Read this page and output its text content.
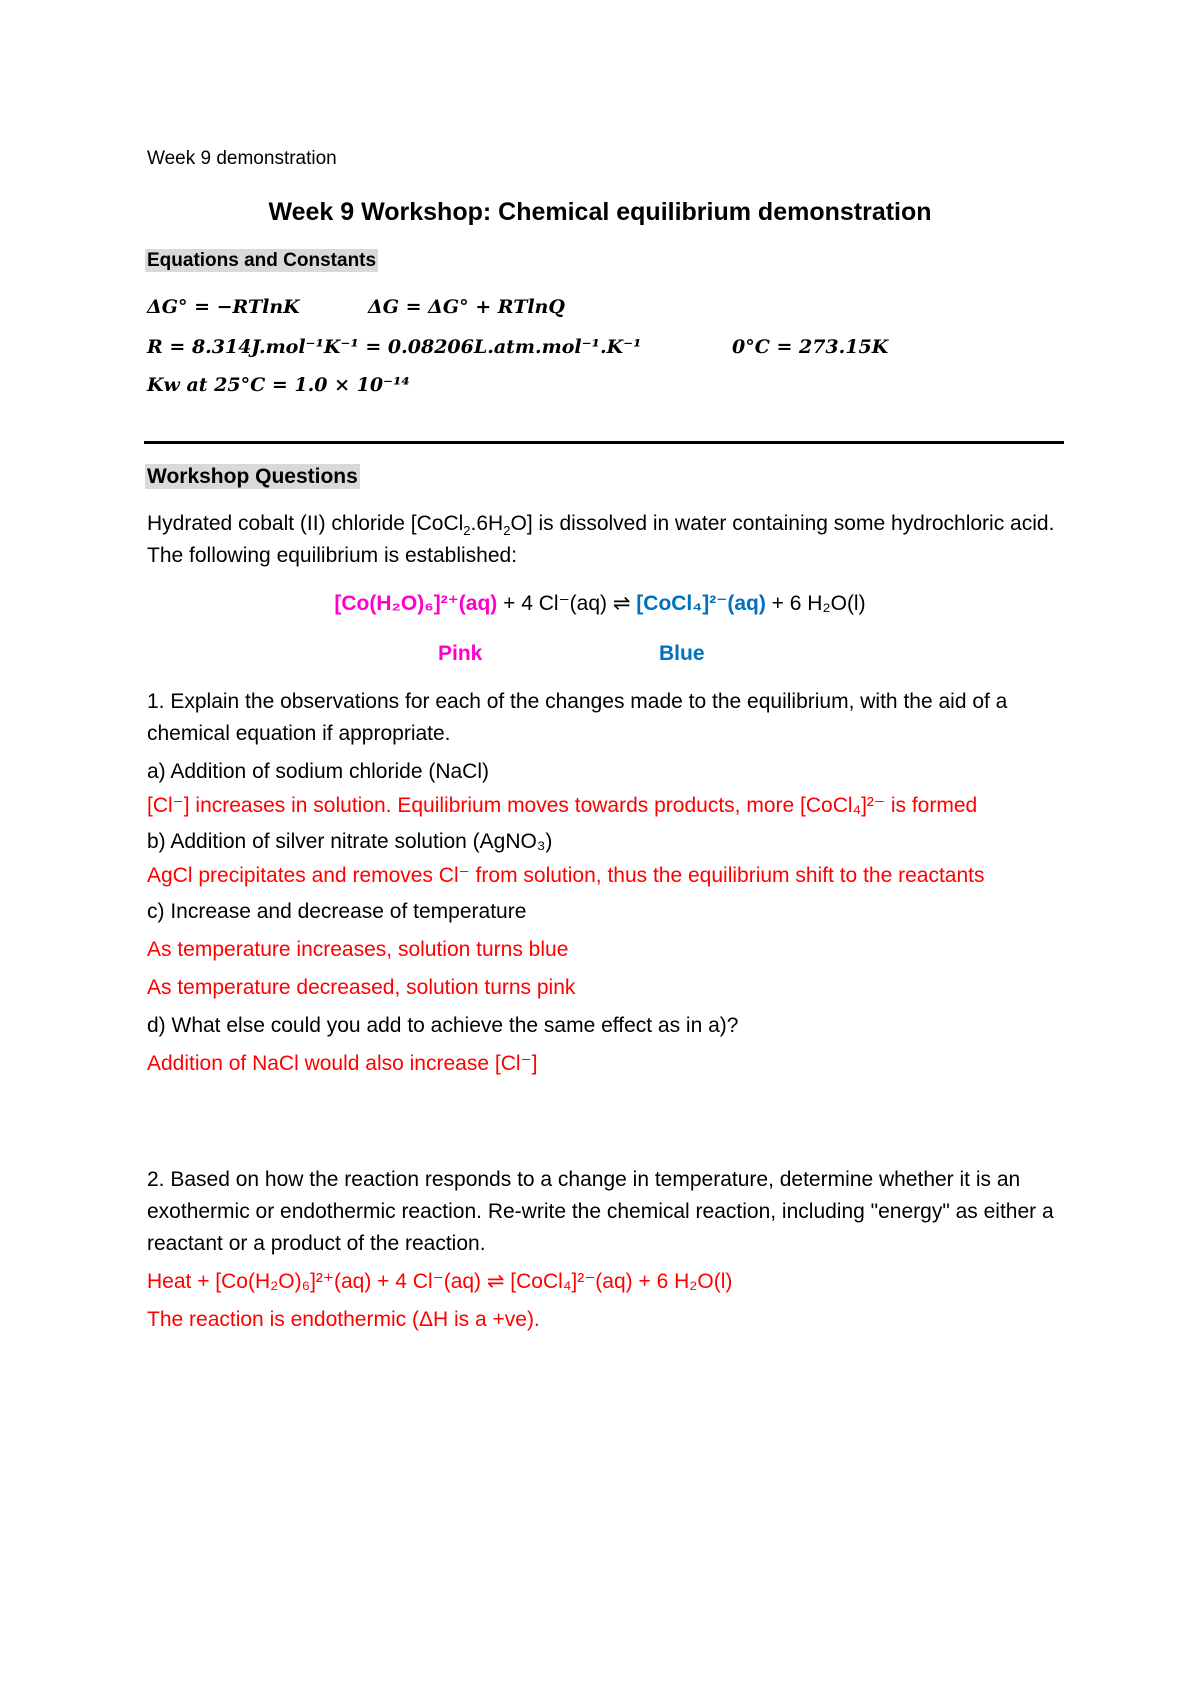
Week 9 demonstration
Week 9 Workshop: Chemical equilibrium demonstration
Equations and Constants
ΔG° = −RTlnK	ΔG = ΔG° + RTlnQ
R = 8.314J.mol⁻¹K⁻¹ = 0.08206L.atm.mol⁻¹.K⁻¹	0°C = 273.15K
Kw at 25°C = 1.0 × 10⁻¹⁴
Workshop Questions
Hydrated cobalt (II) chloride $[CoCl_2.6H_2O]$ is dissolved in water containing some hydrochloric acid. The following equilibrium is established:
[Co(H₂O)₆]²⁺(aq) + 4 Cl⁻(aq) ⇌ [CoCl₄]²⁻(aq) + 6 H₂O(l)
Pink	Blue
1. Explain the observations for each of the changes made to the equilibrium, with the aid of a chemical equation if appropriate.
a) Addition of sodium chloride (NaCl)
[Cl⁻] increases in solution. Equilibrium moves towards products, more [CoCl₄]²⁻ is formed
b) Addition of silver nitrate solution (AgNO₃)
AgCl precipitates and removes Cl⁻ from solution, thus the equilibrium shift to the reactants
c) Increase and decrease of temperature
As temperature increases, solution turns blue
As temperature decreased, solution turns pink
d) What else could you add to achieve the same effect as in a)?
Addition of NaCl would also increase [Cl⁻]
2. Based on how the reaction responds to a change in temperature, determine whether it is an exothermic or endothermic reaction. Re-write the chemical reaction, including "energy" as either a reactant or a product of the reaction.
Heat + [Co(H₂O)₆]²⁺(aq) + 4 Cl⁻(aq) ⇌ [CoCl₄]²⁻(aq) + 6 H₂O(l)
The reaction is endothermic (ΔH is a +ve).
